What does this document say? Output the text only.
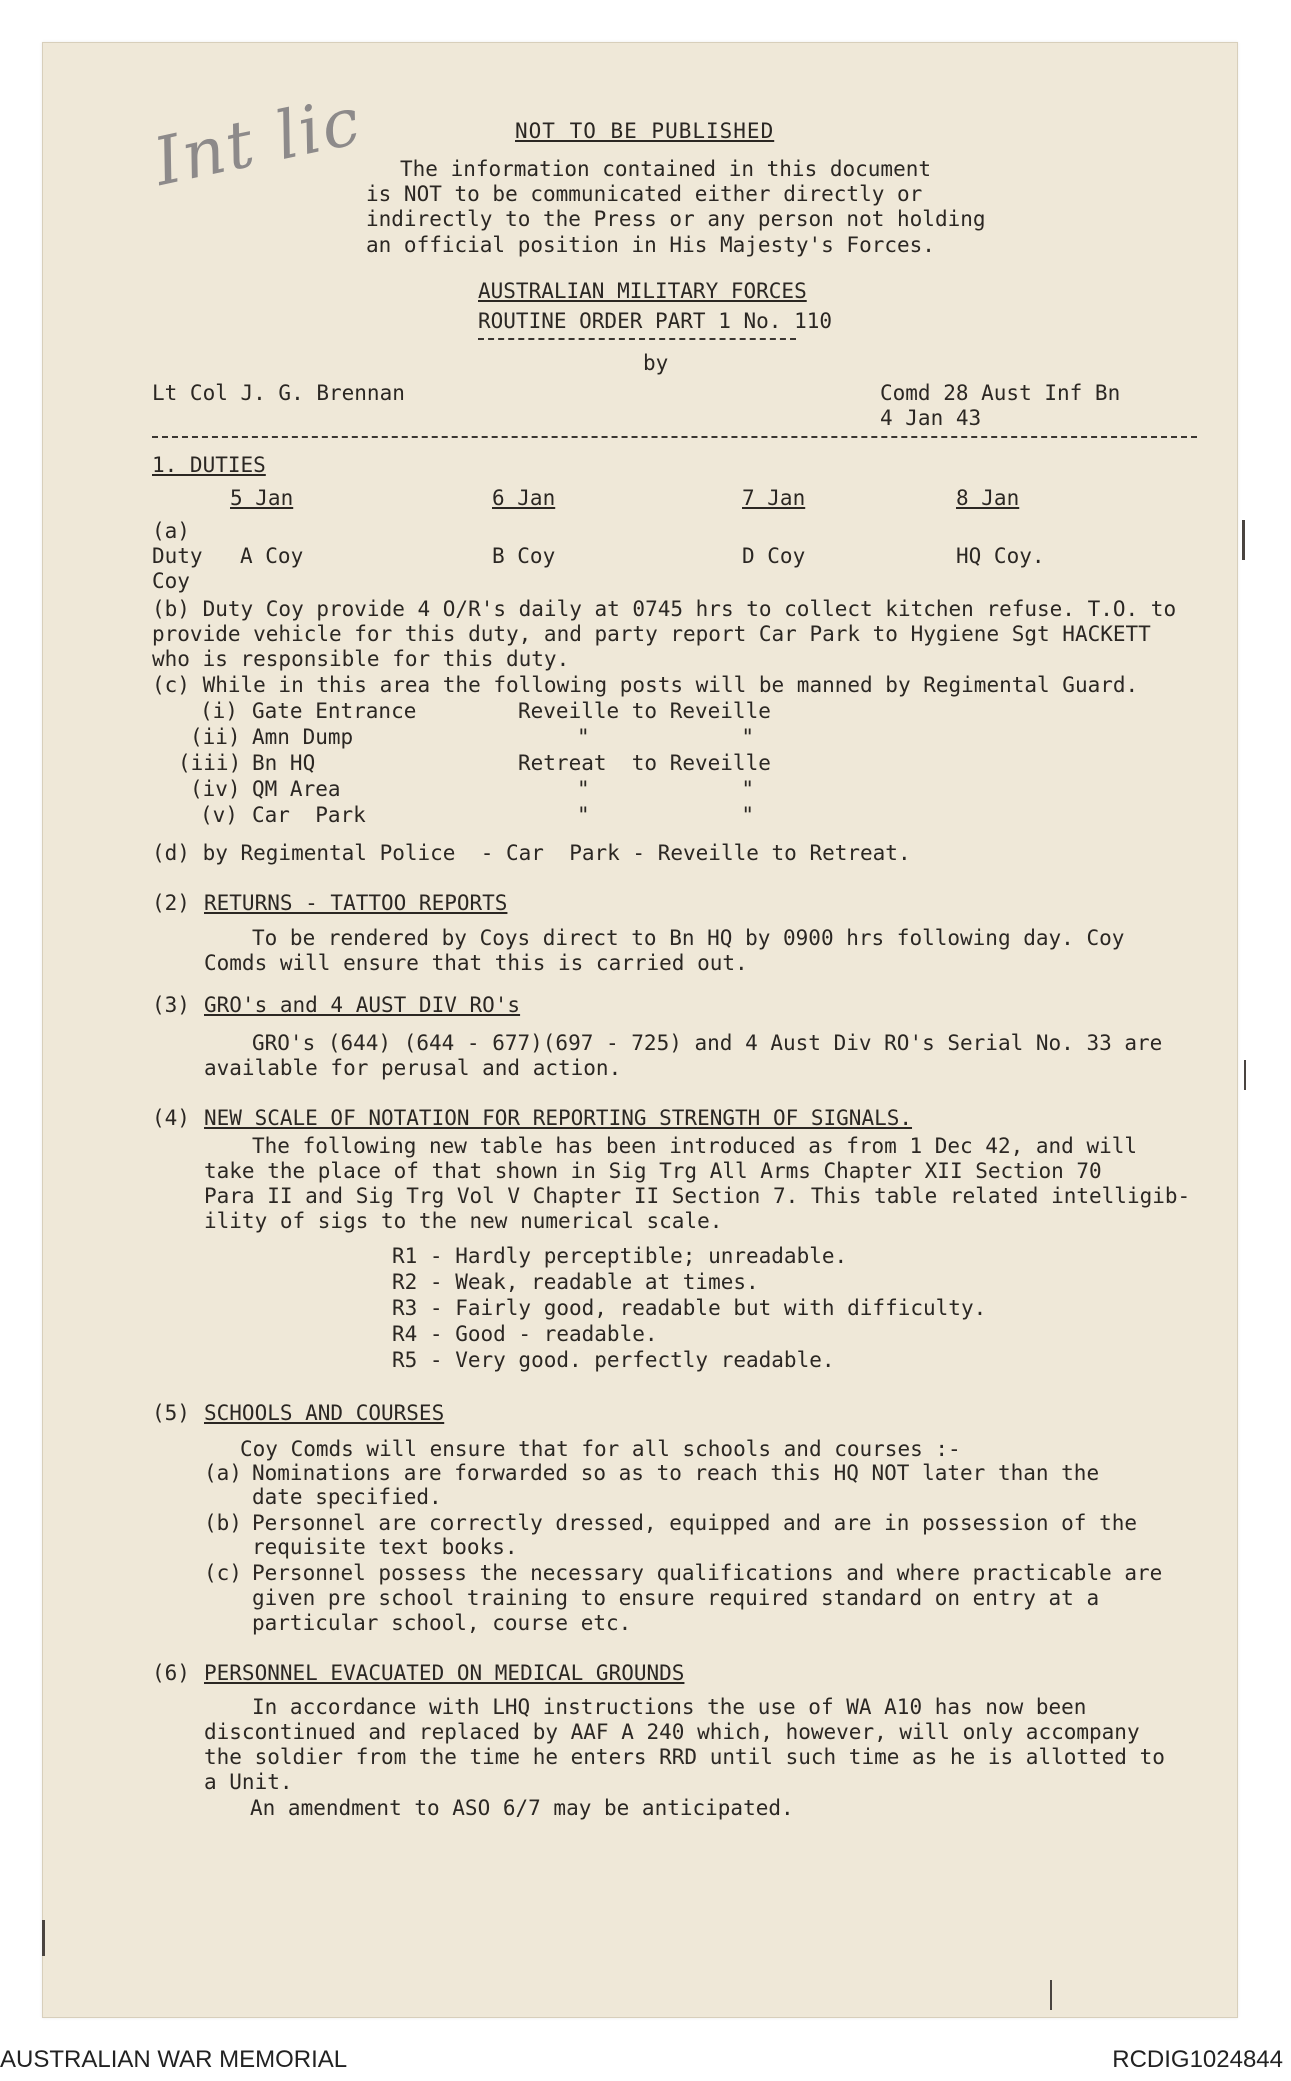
Int lic	NOT TO BE PUBLISHED
The information contained in this document
is NOT to be communicated either directly or
indirectly to the Press or any person not holding
an official position in His Majesty's Forces.
AUSTRALIAN MILITARY FORCES
ROUTINE ORDER PART 1 No. 110
by
Lt Col J. G. Brennan	Comd 28 Aust Inf Bn
4 Jan 43
1. DUTIES
5 Jan	6 Jan	7 Jan	8 Jan
(a)
Duty
Coy
A Coy	B Coy	D Coy	HQ Coy.
(b) Duty Coy provide 4 O/R's daily at 0745 hrs to collect kitchen refuse. T.O. to
provide vehicle for this duty, and party report Car Park to Hygiene Sgt HACKETT
who is responsible for this duty.
(c) While in this area the following posts will be manned by Regimental Guard.
(i) Gate Entrance	Reveille to Reveille
(ii) Amn Dump	"            "
(iii) Bn HQ	Retreat  to Reveille
(iv) QM Area	"            "
(v) Car  Park	"            "
(d) by Regimental Police  - Car  Park - Reveille to Retreat.
(2) RETURNS - TATTOO REPORTS
To be rendered by Coys direct to Bn HQ by 0900 hrs following day. Coy
Comds will ensure that this is carried out.
(3) GRO's and 4 AUST DIV RO's
GRO's (644) (644 - 677)(697 - 725) and 4 Aust Div RO's Serial No. 33 are
available for perusal and action.
(4) NEW SCALE OF NOTATION FOR REPORTING STRENGTH OF SIGNALS.
The following new table has been introduced as from 1 Dec 42, and will
take the place of that shown in Sig Trg All Arms Chapter XII Section 70
Para II and Sig Trg Vol V Chapter II Section 7. This table related intelligib-
ility of sigs to the new numerical scale.
R1 - Hardly perceptible; unreadable.
R2 - Weak, readable at times.
R3 - Fairly good, readable but with difficulty.
R4 - Good - readable.
R5 - Very good. perfectly readable.
(5) SCHOOLS AND COURSES
Coy Comds will ensure that for all schools and courses :-
(a) Nominations are forwarded so as to reach this HQ NOT later than the
date specified.
(b) Personnel are correctly dressed, equipped and are in possession of the
requisite text books.
(c) Personnel possess the necessary qualifications and where practicable are
given pre school training to ensure required standard on entry at a
particular school, course etc.
(6) PERSONNEL EVACUATED ON MEDICAL GROUNDS
In accordance with LHQ instructions the use of WA A10 has now been
discontinued and replaced by AAF A 240 which, however, will only accompany
the soldier from the time he enters RRD until such time as he is allotted to
a Unit.
An amendment to ASO 6/7 may be anticipated.
AUSTRALIAN WAR MEMORIAL	RCDIG1024844
